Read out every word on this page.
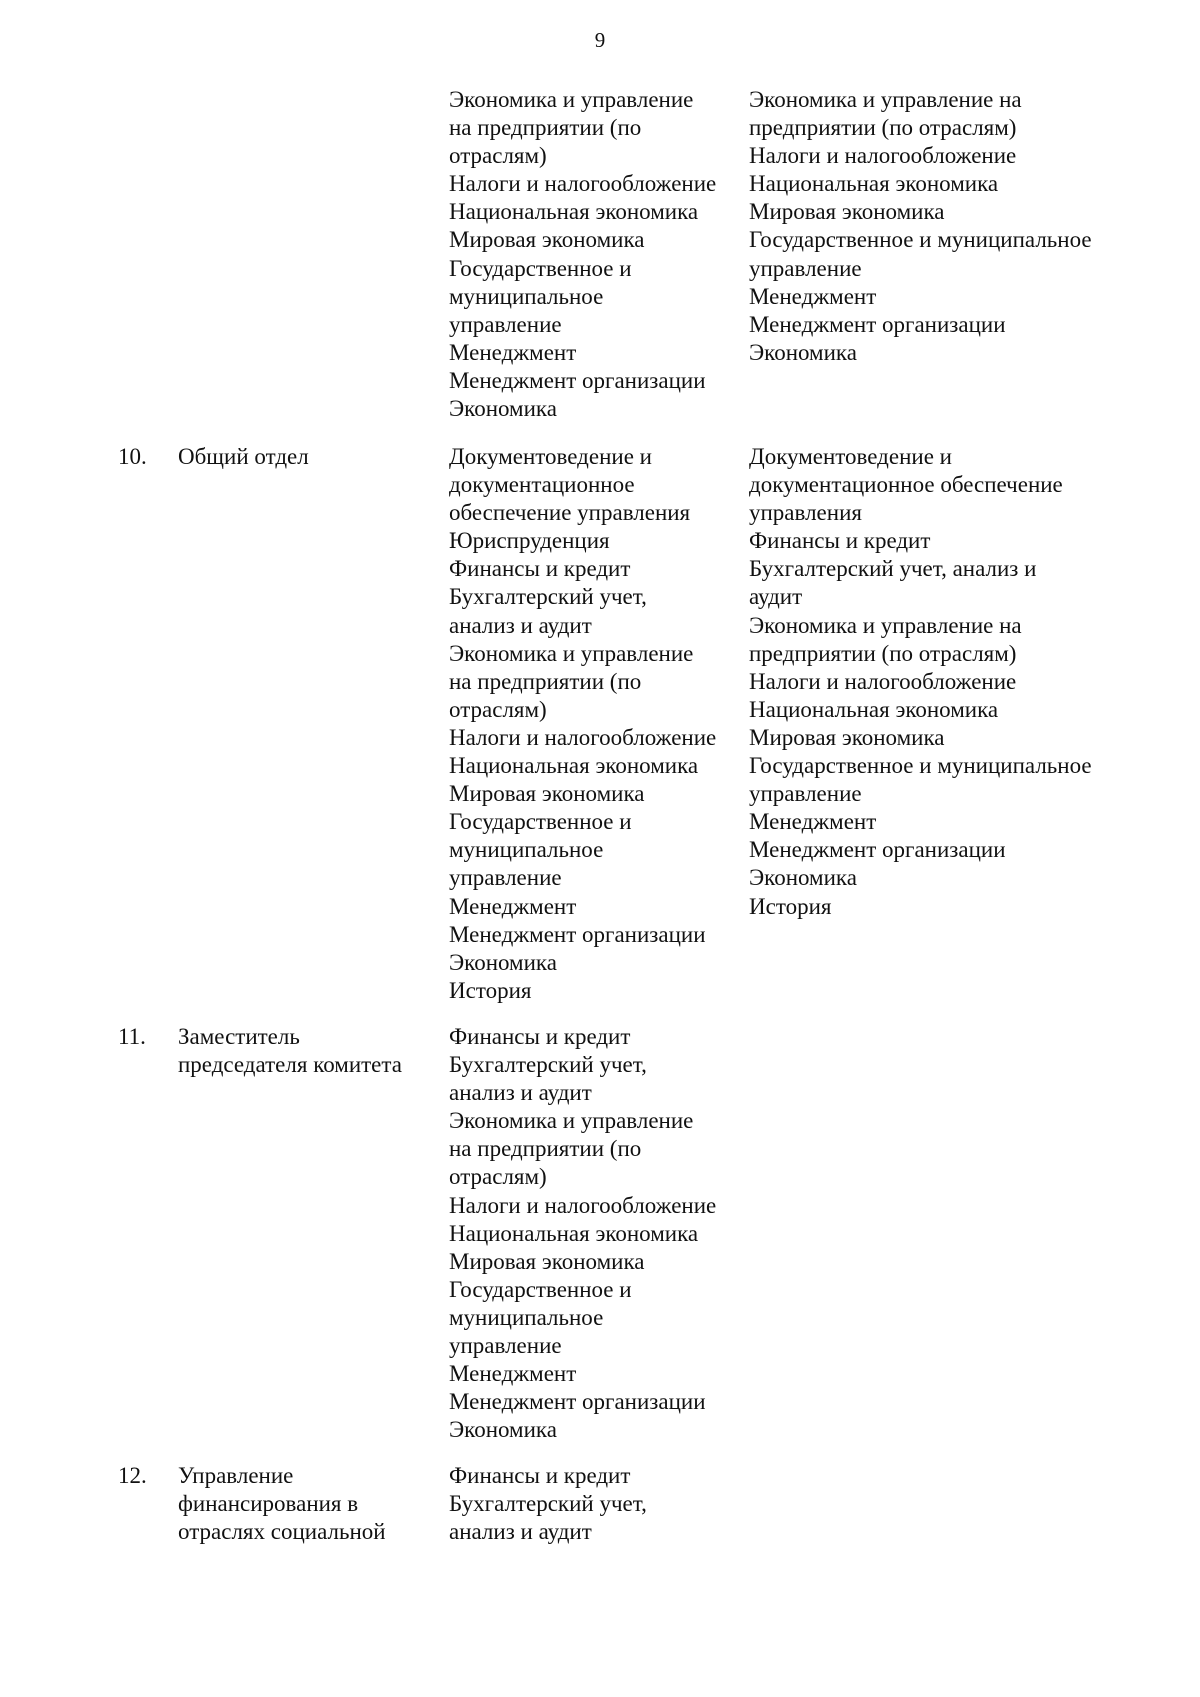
9
Экономика и управление
на предприятии (по
отраслям)
Налоги и налогообложение
Национальная экономика
Мировая экономика
Государственное и
муниципальное
управление
Менеджмент
Менеджмент организации
Экономика
Экономика и управление на
предприятии (по отраслям)
Налоги и налогообложение
Национальная экономика
Мировая экономика
Государственное и муниципальное
управление
Менеджмент
Менеджмент организации
Экономика
10. Общий отдел	Документоведение и
документационное
обеспечение управления
Юриспруденция
Финансы и кредит
Бухгалтерский учет,
анализ и аудит
Экономика и управление
на предприятии (по
отраслям)
Налоги и налогообложение
Национальная экономика
Мировая экономика
Государственное и
муниципальное
управление
Менеджмент
Менеджмент организации
Экономика
История
Документоведение и
документационное обеспечение
управления
Финансы и кредит
Бухгалтерский учет, анализ и
аудит
Экономика и управление на
предприятии (по отраслям)
Налоги и налогообложение
Национальная экономика
Мировая экономика
Государственное и муниципальное
управление
Менеджмент
Менеджмент организации
Экономика
История
11. Заместитель
председателя комитета
Финансы и кредит
Бухгалтерский учет,
анализ и аудит
Экономика и управление
на предприятии (по
отраслям)
Налоги и налогообложение
Национальная экономика
Мировая экономика
Государственное и
муниципальное
управление
Менеджмент
Менеджмент организации
Экономика
12. Управление
финансирования в
отраслях социальной
Финансы и кредит
Бухгалтерский учет,
анализ и аудит
